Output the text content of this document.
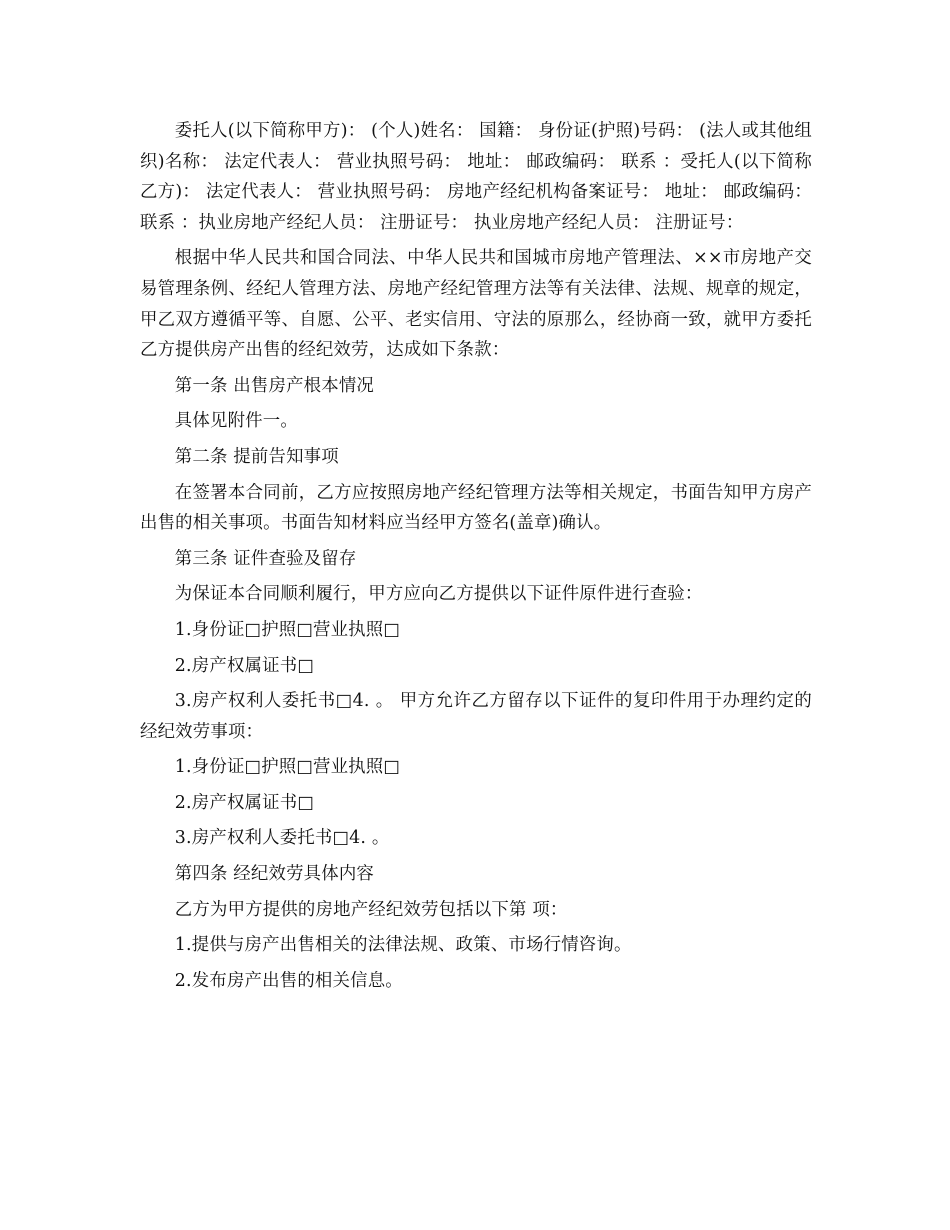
委托人(以下简称甲方)： (个人)姓名： 国籍： 身份证(护照)号码： (法人或其他组织)名称： 法定代表人： 营业执照号码： 地址： 邮政编码： 联系 ：受托人(以下简称乙方)： 法定代表人： 营业执照号码： 房地产经纪机构备案证号： 地址： 邮政编码： 联系 ：执业房地产经纪人员： 注册证号： 执业房地产经纪人员： 注册证号：

根据中华人民共和国合同法、中华人民共和国城市房地产管理法、××市房地产交易管理条例、经纪人管理方法、房地产经纪管理方法等有关法律、法规、规章的规定，甲乙双方遵循平等、自愿、公平、老实信用、守法的原那么，经协商一致，就甲方委托乙方提供房产出售的经纪效劳，达成如下条款：

第一条 出售房产根本情况

具体见附件一。

第二条 提前告知事项

在签署本合同前，乙方应按照房地产经纪管理方法等相关规定，书面告知甲方房产出售的相关事项。书面告知材料应当经甲方签名(盖章)确认。

第三条 证件查验及留存

为保证本合同顺利履行，甲方应向乙方提供以下证件原件进行查验：

1.身份证□护照□营业执照□

2.房产权属证书□

3.房产权利人委托书□4. 。 甲方允许乙方留存以下证件的复印件用于办理约定的经纪效劳事项：

1.身份证□护照□营业执照□

2.房产权属证书□

3.房产权利人委托书□4. 。

第四条 经纪效劳具体内容

乙方为甲方提供的房地产经纪效劳包括以下第 项：

1.提供与房产出售相关的法律法规、政策、市场行情咨询。

2.发布房产出售的相关信息。
